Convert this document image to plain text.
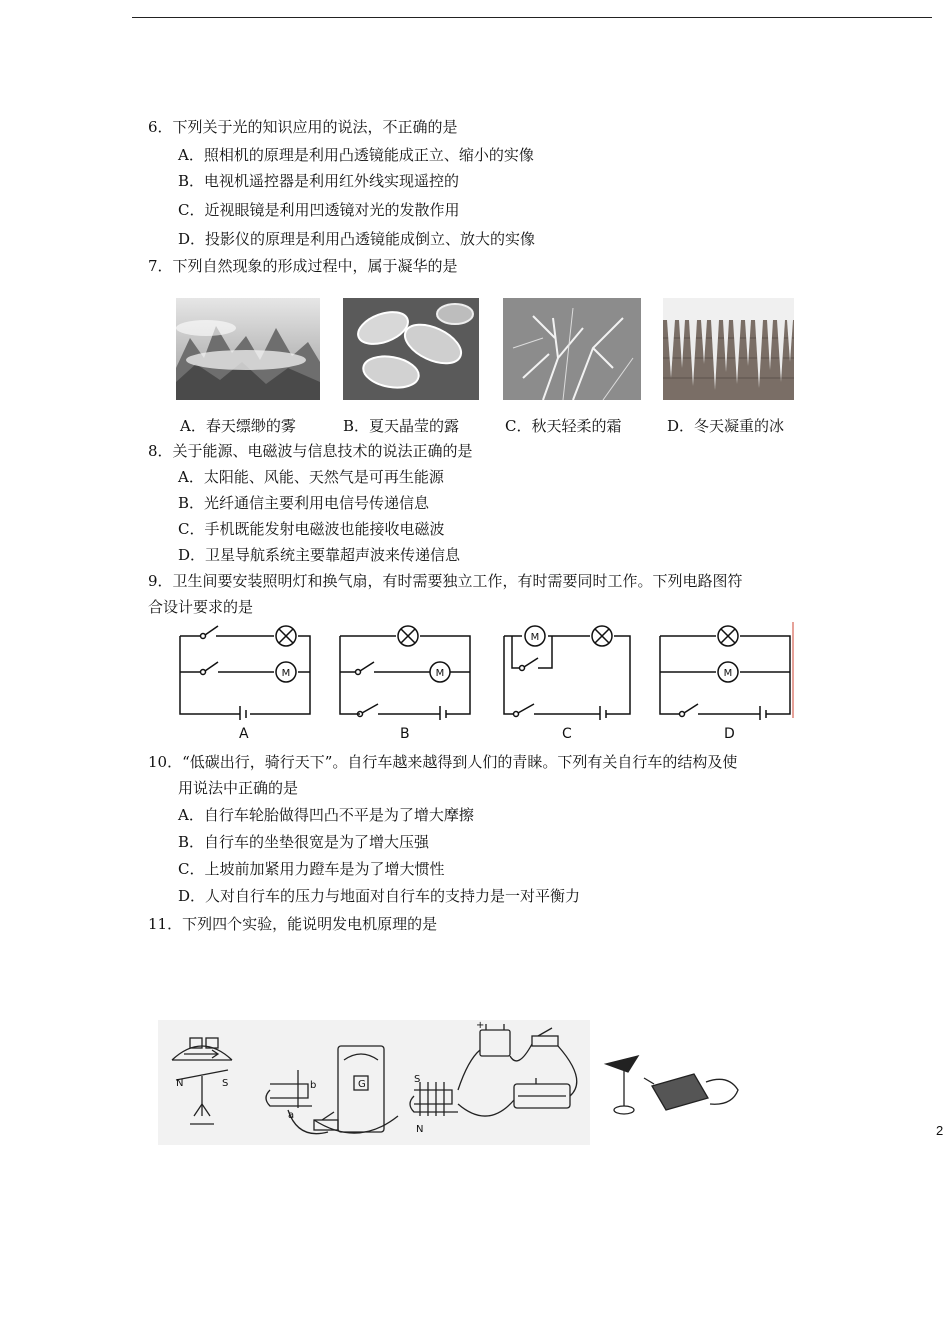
6．下列关于光的知识应用的说法，不正确的是
A．照相机的原理是利用凸透镜能成正立、缩小的实像
B．电视机遥控器是利用红外线实现遥控的
C．近视眼镜是利用凹透镜对光的发散作用
D．投影仪的原理是利用凸透镜能成倒立、放大的实像
7．下列自然现象的形成过程中，属于凝华的是
A．春天缥缈的雾	B．夏天晶莹的露	C．秋天轻柔的霜	D．冬天凝重的冰
8．关于能源、电磁波与信息技术的说法正确的是
A．太阳能、风能、天然气是可再生能源
B．光纤通信主要利用电信号传递信息
C．手机既能发射电磁波也能接收电磁波
D．卫星导航系统主要靠超声波来传递信息
9．卫生间要安装照明灯和换气扇，有时需要独立工作，有时需要同时工作。下列电路图符
合设计要求的是
M	M
M
M
A	B	C	D
10．“低碳出行，骑行天下”。自行车越来越得到人们的青睐。下列有关自行车的结构及使
用说法中正确的是
A．自行车轮胎做得凹凸不平是为了增大摩擦
B．自行车的坐垫很宽是为了增大压强
C．上坡前加紧用力蹬车是为了增大惯性
D．人对自行车的压力与地面对自行车的支持力是一对平衡力
11．下列四个实验，能说明发电机原理的是
N	S	G
a
b
S
N
+
2
